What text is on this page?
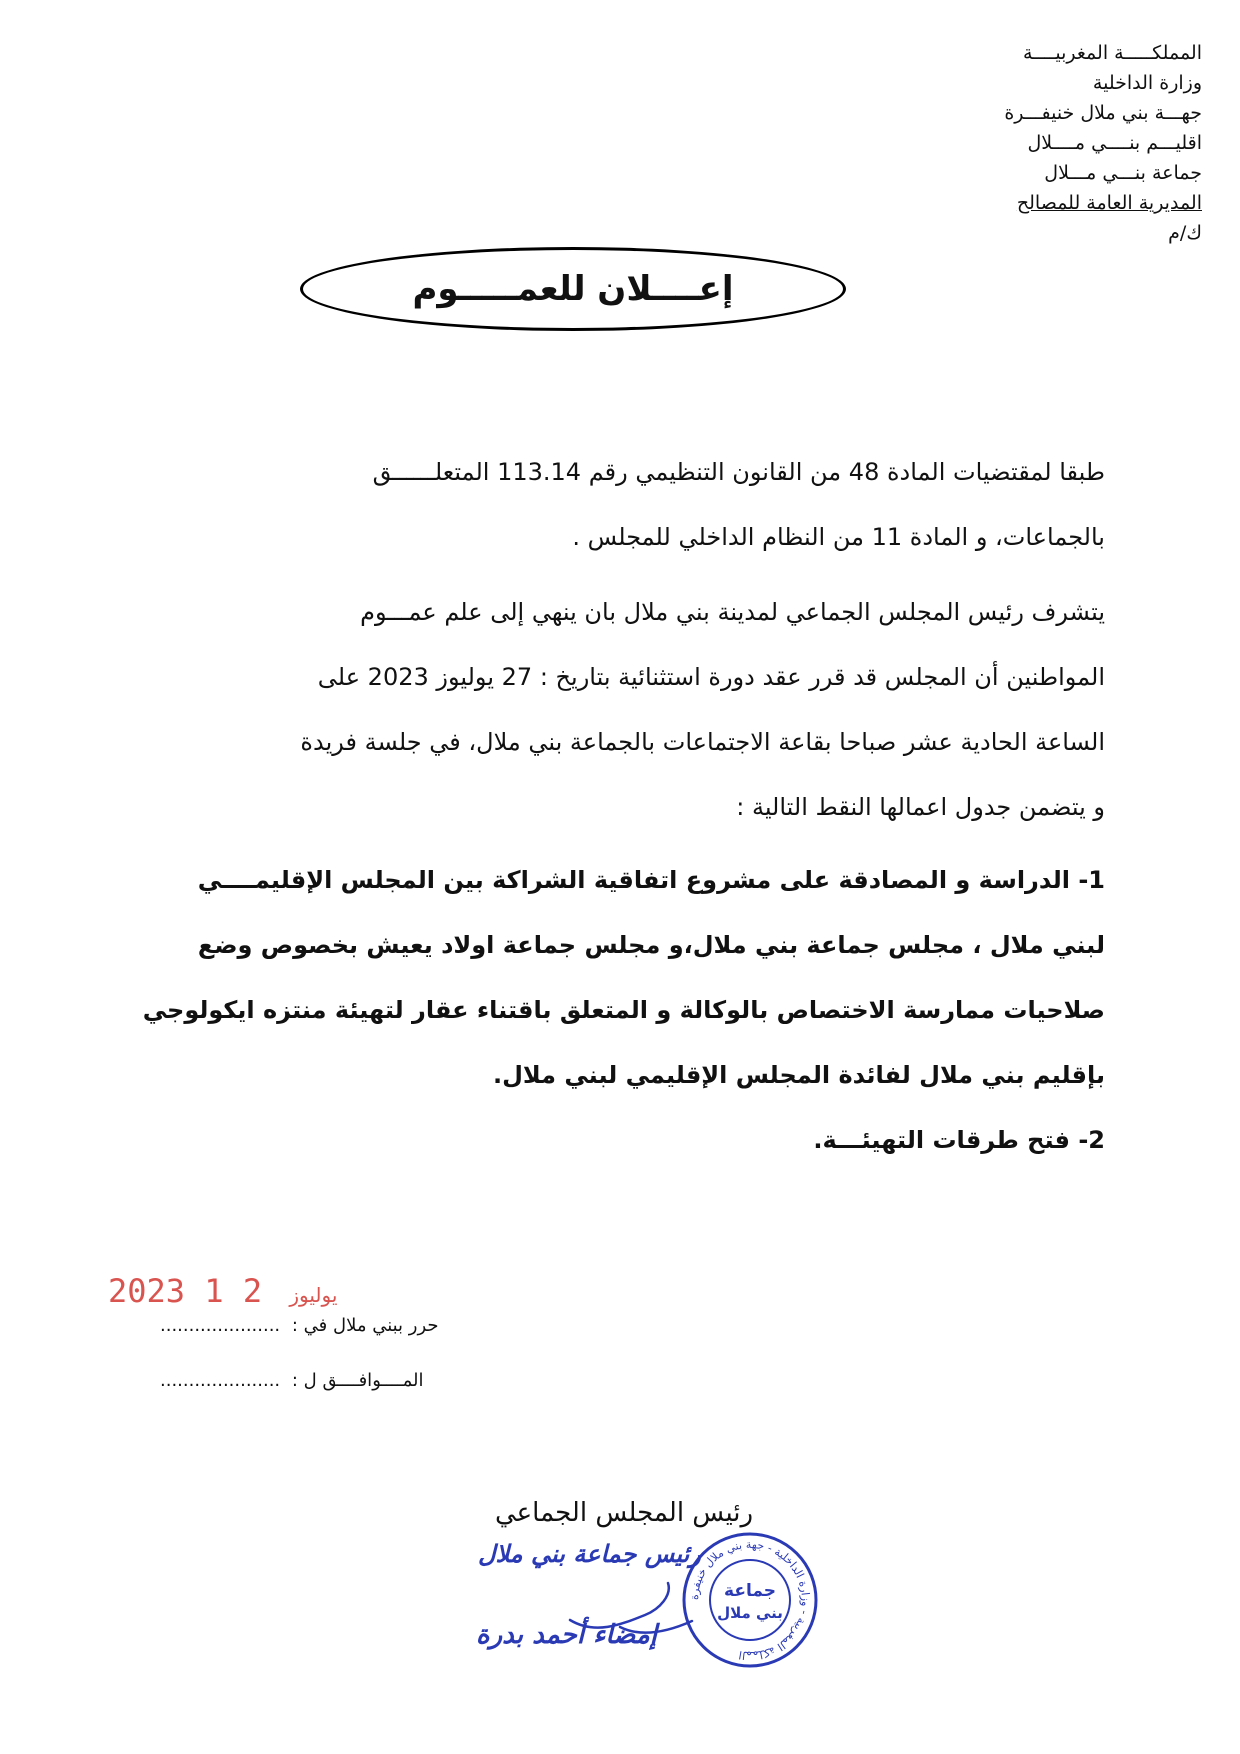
المملكـــــة المغربيــــة
وزارة الداخلية
جهـــة بني ملال خنيفـــرة
اقليـــم بنــــي مــــلال
جماعة بنـــي مـــلال
المديرية العامة للمصالح
ك/م
إعــــلان للعمـــــوم
طبقا لمقتضيات المادة 48 من القانون التنظيمي رقم 113.14 المتعلــــــق
بالجماعات، و المادة 11 من النظام الداخلي للمجلس .
يتشرف رئيس المجلس الجماعي لمدينة بني ملال بان ينهي إلى علم عمـــوم
المواطنين أن المجلس قد قرر عقد دورة استثنائية بتاريخ : 27 يوليوز 2023 على
الساعة الحادية عشر صباحا بقاعة الاجتماعات بالجماعة بني ملال، في جلسة فريدة
و يتضمن جدول اعمالها النقط التالية :
1- الدراسة و المصادقة على مشروع اتفاقية الشراكة بين المجلس الإقليمــــي
لبني ملال ، مجلس جماعة بني ملال،و مجلس جماعة اولاد يعيش بخصوص وضع
صلاحيات ممارسة الاختصاص بالوكالة و المتعلق باقتناء عقار لتهيئة منتزه ايكولوجي
بإقليم بني ملال لفائدة المجلس الإقليمي لبني ملال.
2- فتح طرقات التهيئـــة.
2023	يوليوز 2 1
حرر ببني ملال في : .....................
المــــوافــــق ل : .....................
رئيس المجلس الجماعي
رئيس جماعة بني ملال
إمضاء أحمد بدرة
المملكة المغربية - وزارة الداخلية - جهة بني ملال خنيفرة
جماعة
بني ملال
